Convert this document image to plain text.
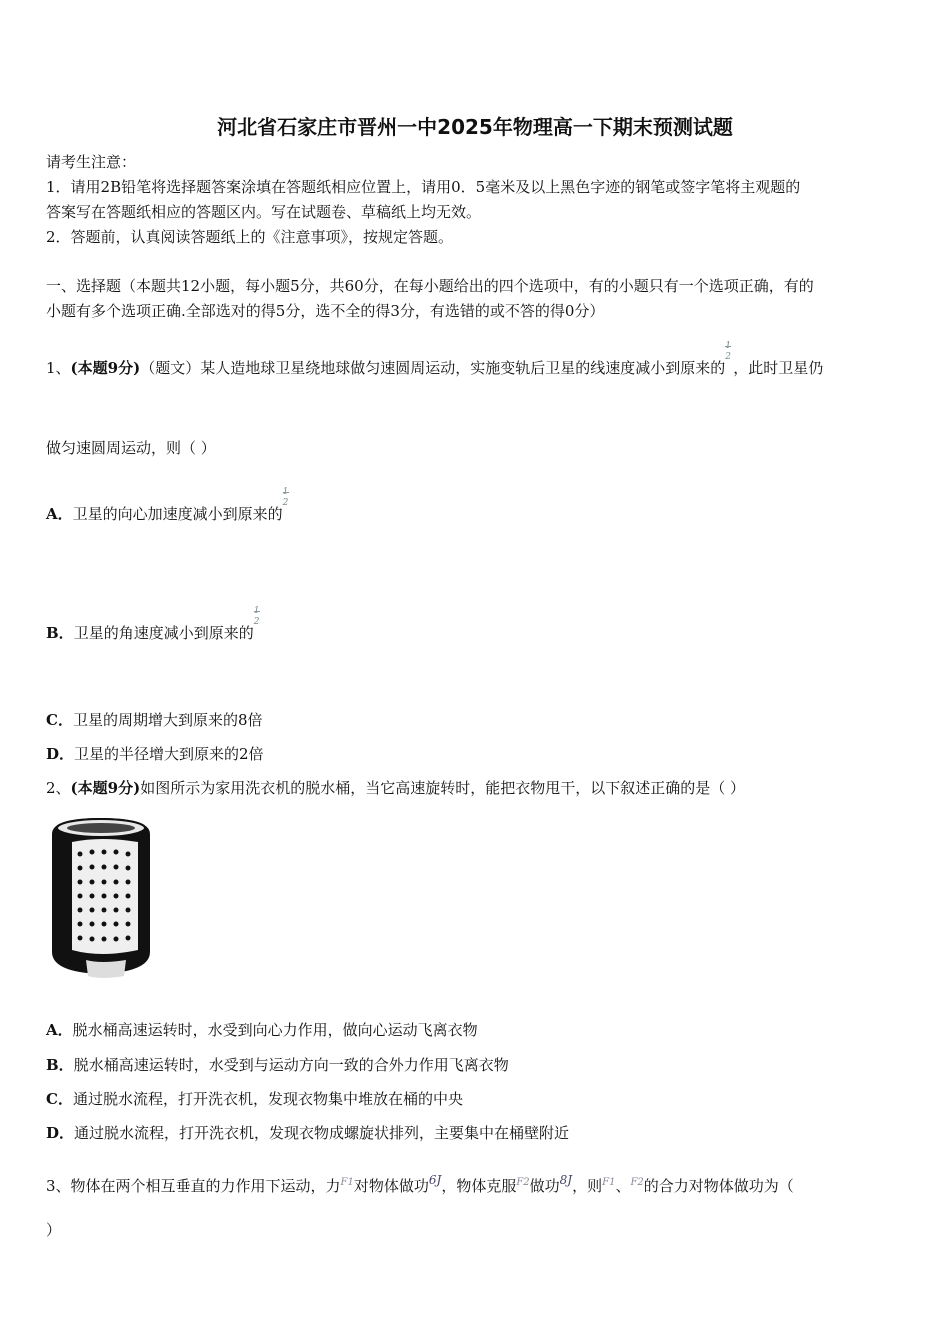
河北省石家庄市晋州一中2025年物理高一下期末预测试题
请考生注意：
1．请用2B铅笔将选择题答案涂填在答题纸相应位置上，请用0．5毫米及以上黑色字迹的钢笔或签字笔将主观题的
答案写在答题纸相应的答题区内。写在试题卷、草稿纸上均无效。
2．答题前，认真阅读答题纸上的《注意事项》，按规定答题。
一、选择题（本题共12小题，每小题5分，共60分，在每小题给出的四个选项中，有的小题只有一个选项正确，有的
小题有多个选项正确.全部选对的得5分，选不全的得3分，有选错的或不答的得0分）
1、(本题9分)（题文）某人造地球卫星绕地球做匀速圆周运动，实施变轨后卫星的线速度减小到原来的
2
，此时卫星仍
做匀速圆周运动，则（ ）
A．卫星的向心加速度减小到原来的
2
B．卫星的角速度减小到原来的
2
C．卫星的周期增大到原来的8倍
D．卫星的半径增大到原来的2倍
2、(本题9分)如图所示为家用洗衣机的脱水桶，当它高速旋转时，能把衣物甩干，以下叙述正确的是（ ）
A．脱水桶高速运转时，水受到向心力作用，做向心运动飞离衣物
B．脱水桶高速运转时，水受到与运动方向一致的合外力作用飞离衣物
C．通过脱水流程，打开洗衣机，发现衣物集中堆放在桶的中央
D．通过脱水流程，打开洗衣机，发现衣物成螺旋状排列，主要集中在桶壁附近
3、物体在两个相互垂直的力作用下运动，力F1对物体做功6J，物体克服F2做功8J，则F1、F2的合力对物体做功为（
）
